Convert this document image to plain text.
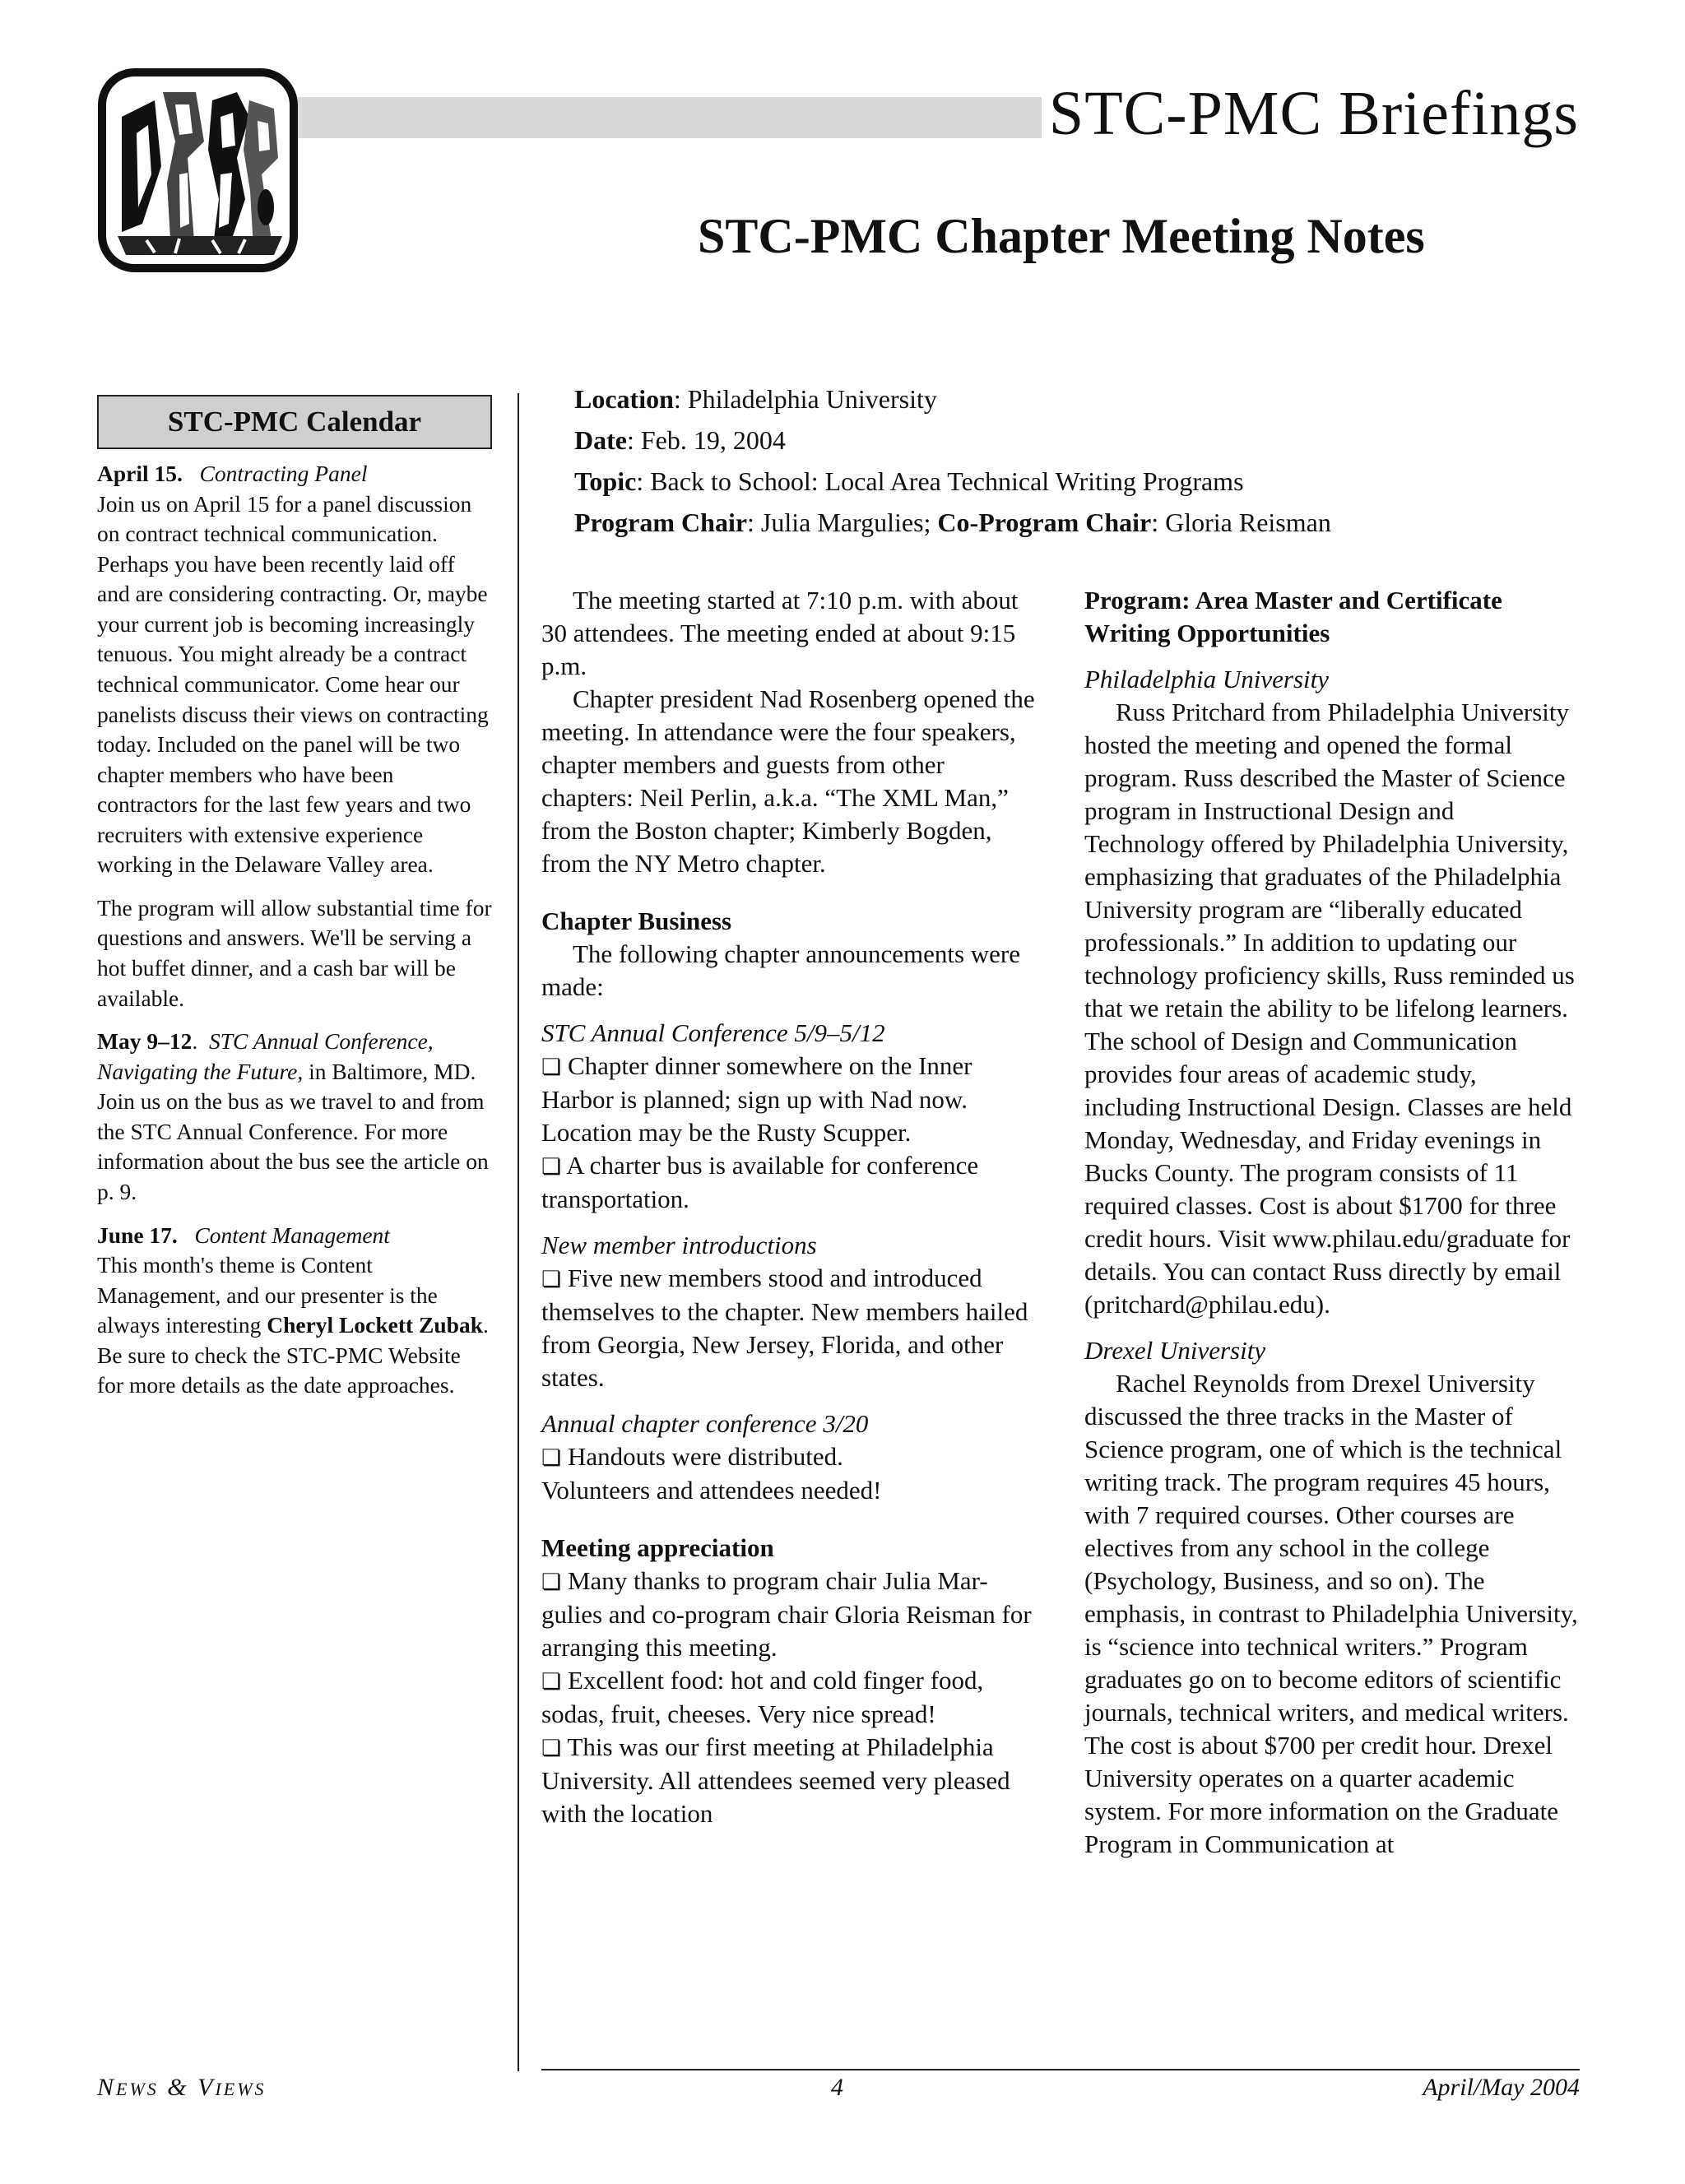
STC-PMC Briefings
STC-PMC Chapter Meeting Notes
STC-PMC Calendar

April 15. Contracting Panel
Join us on April 15 for a panel discussion on contract technical communication. Perhaps you have been recently laid off and are considering contracting. Or, maybe your current job is becoming increasingly tenuous. You might already be a contract technical communicator. Come hear our panelists discuss their views on contracting today. Included on the panel will be two chapter members who have been contractors for the last few years and two recruiters with extensive experience working in the Delaware Valley area.

The program will allow substantial time for questions and answers. We'll be serving a hot buffet dinner, and a cash bar will be available.

May 9–12. STC Annual Conference, Navigating the Future, in Baltimore, MD. Join us on the bus as we travel to and from the STC Annual Conference. For more information about the bus see the article on p. 9.

June 17. Content Management
This month's theme is Content Management, and our presenter is the always interesting Cheryl Lockett Zubak. Be sure to check the STC-PMC Website for more details as the date approaches.

Location: Philadelphia University
Date: Feb. 19, 2004
Topic: Back to School: Local Area Technical Writing Programs
Program Chair: Julia Margulies; Co-Program Chair: Gloria Reisman

The meeting started at 7:10 p.m. with about 30 attendees. The meeting ended at about 9:15 p.m.

Chapter president Nad Rosenberg opened the meeting. In attendance were the four speakers, chapter members and guests from other chapters: Neil Perlin, a.k.a. “The XML Man,” from the Boston chapter; Kimberly Bogden, from the NY Metro chapter.

Chapter Business

The following chapter announcements were made:

STC Annual Conference 5/9–5/12

❏ Chapter dinner somewhere on the Inner Harbor is planned; sign up with Nad now. Location may be the Rusty Scupper.

❏ A charter bus is available for conference transportation.

New member introductions

❏ Five new members stood and introduced themselves to the chapter. New members hailed from Georgia, New Jersey, Florida, and other states.

Annual chapter conference 3/20

❏ Handouts were distributed.

Volunteers and attendees needed!

Meeting appreciation

❏ Many thanks to program chair Julia Mar-gulies and co-program chair Gloria Reisman for arranging this meeting.

❏ Excellent food: hot and cold finger food, sodas, fruit, cheeses. Very nice spread!

❏ This was our first meeting at Philadelphia University. All attendees seemed very pleased with the location

Program: Area Master and Certificate Writing Opportunities

Philadelphia University

Russ Pritchard from Philadelphia University hosted the meeting and opened the formal program. Russ described the Master of Science program in Instructional Design and Technology offered by Philadelphia University, emphasizing that graduates of the Philadelphia University program are “liberally educated professionals.” In addition to updating our technology proficiency skills, Russ reminded us that we retain the ability to be lifelong learners. The school of Design and Communication provides four areas of academic study, including Instructional Design. Classes are held Monday, Wednesday, and Friday evenings in Bucks County. The program consists of 11 required classes. Cost is about $1700 for three credit hours. Visit www.philau.edu/graduate for details. You can contact Russ directly by email (pritchard@philau.edu).

Drexel University

Rachel Reynolds from Drexel University discussed the three tracks in the Master of Science program, one of which is the technical writing track. The program requires 45 hours, with 7 required courses. Other courses are electives from any school in the college (Psychology, Business, and so on). The emphasis, in contrast to Philadelphia University, is “science into technical writers.” Program graduates go on to become editors of scientific journals, technical writers, and medical writers. The cost is about $700 per credit hour. Drexel University operates on a quarter academic system. For more information on the Graduate Program in Communication at

NEWS & VIEWS	4	April/May 2004
